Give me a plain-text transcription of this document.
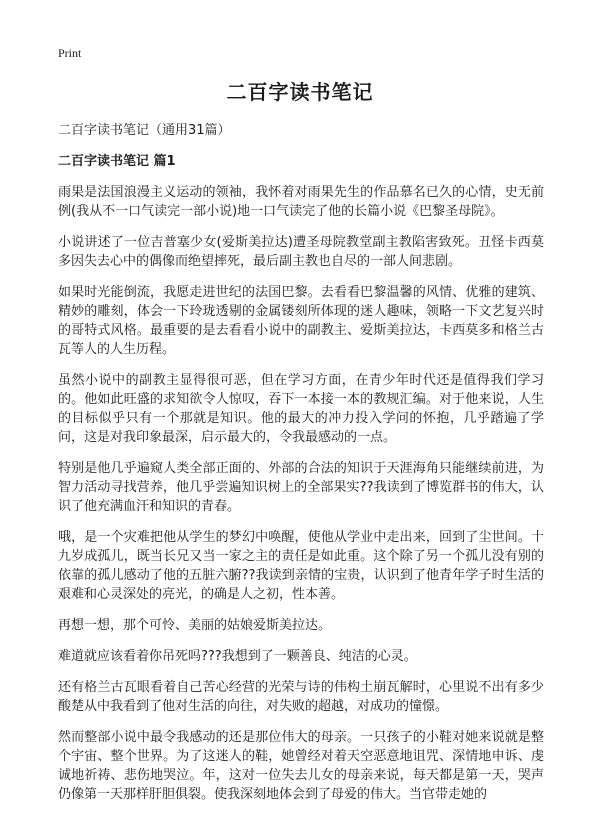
Print
二百字读书笔记

二百字读书笔记（通用31篇）

二百字读书笔记 篇1

雨果是法国浪漫主义运动的领袖，我怀着对雨果先生的作品慕名已久的心情，史无前例(我从不一口气读完一部小说)地一口气读完了他的长篇小说《巴黎圣母院》。

小说讲述了一位吉普塞少女(爱斯美拉达)遭圣母院教堂副主教陷害致死。丑怪卡西莫多因失去心中的偶像而绝望摔死，最后副主教也自尽的一部人间悲剧。

如果时光能倒流，我愿走进世纪的法国巴黎。去看看巴黎温馨的风情、优雅的建筑、精妙的雕刻，体会一下玲珑透剔的金属镂刻所体现的迷人趣味，领略一下文艺复兴时的哥特式风格。最重要的是去看看小说中的副教主、爱斯美拉达，卡西莫多和格兰古瓦等人的人生历程。

虽然小说中的副教主显得很可恶，但在学习方面，在青少年时代还是值得我们学习的。他如此旺盛的求知欲令人惊叹，吞下一本接一本的教规汇编。对于他来说，人生的目标似乎只有一个那就是知识。他的最大的冲力投入学问的怀抱，几乎踏遍了学问，这是对我印象最深，启示最大的，令我最感动的一点。

特别是他几乎遍窥人类全部正面的、外部的合法的知识于天涯海角只能继续前进，为智力活动寻找营养，他几乎尝遍知识树上的全部果实??我读到了博览群书的伟大，认识了他充满血汗和知识的青春。

哦，是一个灾难把他从学生的梦幻中唤醒，使他从学业中走出来，回到了尘世间。十九岁成孤儿，既当长兄又当一家之主的责任是如此重。这个除了另一个孤儿没有别的依靠的孤儿感动了他的五脏六腑??我读到亲情的宝贵，认识到了他青年学子时生活的艰难和心灵深处的亮光，的确是人之初，性本善。

再想一想，那个可怜、美丽的姑娘爱斯美拉达。

难道就应该看着你吊死吗???我想到了一颗善良、纯洁的心灵。

还有格兰古瓦眼看着自己苦心经营的光荣与诗的伟构土崩瓦解时，心里说不出有多少酸楚从中我看到了他对生活的向往，对失败的超越，对成功的憧憬。

然而整部小说中最令我感动的还是那位伟大的母亲。一只孩子的小鞋对她来说就是整个宇宙、整个世界。为了这迷人的鞋，她曾经对着天空恶意地诅咒、深情地申诉、虔诚地祈祷、悲伤地哭泣。年，这对一位失去儿女的母亲来说，每天都是第一天，哭声仍像第一天那样肝胆俱裂。使我深刻地体会到了母爱的伟大。当官带走她的
